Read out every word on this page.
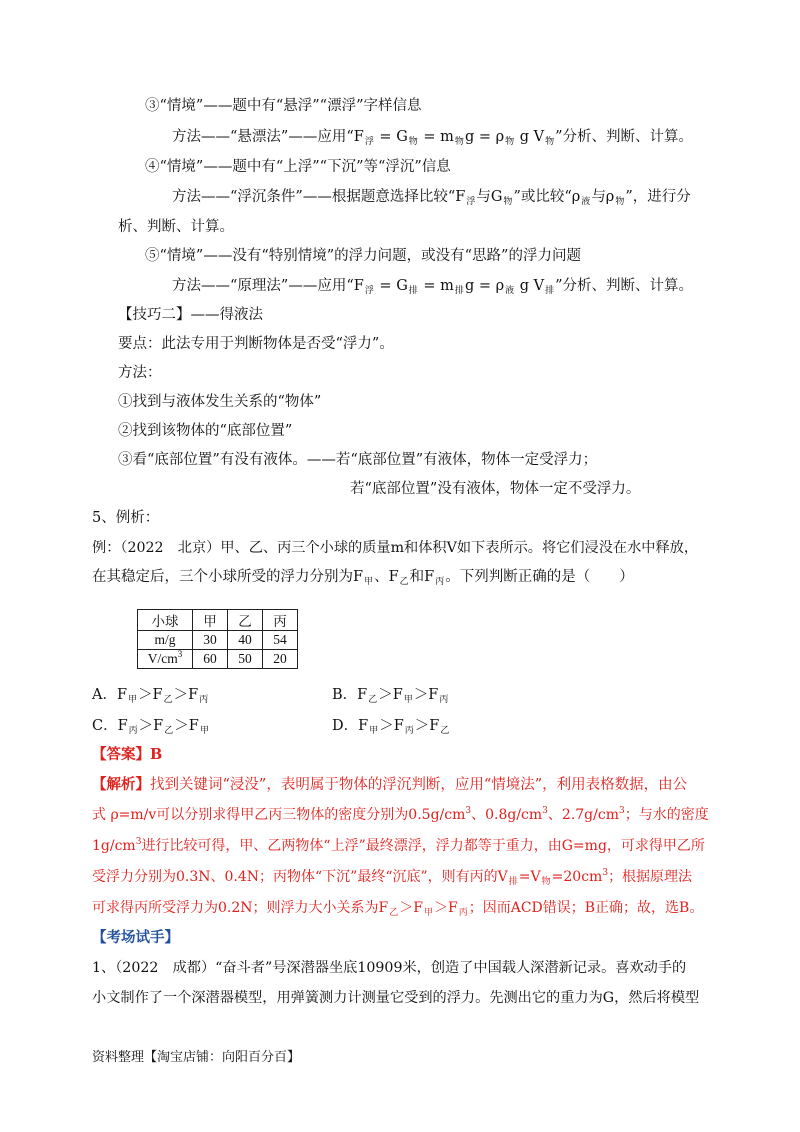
③“情境”——题中有“悬浮”“漂浮”字样信息
方法——“悬漂法”——应用“$F_浮 = G_物 = m_物g = \rho_物$ g $V_物$”分析、判断、计算。
④“情境”——题中有“上浮”“下沉”等“浮沉”信息
方法——“浮沉条件”——根据题意选择比较“$F_浮$与$G_物$”或比较“$\rho_液$与$\rho_物$”，进行分
析、判断、计算。
⑤“情境”——没有“特别情境”的浮力问题，或没有“思路”的浮力问题
方法——“原理法”——应用“$F_浮 = G_排 = m_排g = \rho_液$ g $V_排$”分析、判断、计算。
【技巧二】——得液法
要点：此法专用于判断物体是否受“浮力”。
方法：
①找到与液体发生关系的“物体”
②找到该物体的“底部位置”
③看“底部位置”有没有液体。——若“底部位置”有液体，物体一定受浮力；
若“底部位置”没有液体，物体一定不受浮力。
5、例析：
例：（2022　北京）甲、乙、丙三个小球的质量m和体积V如下表所示。将它们浸没在水中释放，
在其稳定后，三个小球所受的浮力分别为$F_甲$、$F_乙$和$F_丙$。下列判断正确的是（　　）
小球	甲	乙	丙
m/g	30	40	54
$V/cm^3$	60	50	20
A．$F_甲>F_乙>F_丙$	B．$F_乙>F_甲>F_丙$
C．$F_丙>F_乙>F_甲$	D．$F_甲>F_丙>F_乙$
【答案】B
【解析】找到关键词“浸没”，表明属于物体的浮沉判断，应用“情境法”，利用表格数据，由公
式 ρ=m/v可以分别求得甲乙丙三物体的密度分别为$0.5g/cm^3$、$0.8g/cm^3$、$2.7g/cm^3$；与水的密度
$1g/cm^3$进行比较可得，甲、乙两物体“上浮”最终漂浮，浮力都等于重力，由G=mg，可求得甲乙所
受浮力分别为0.3N、0.4N；丙物体“下沉”最终“沉底”，则有丙的$V_排=V_物=20cm^3$；根据原理法
可求得丙所受浮力为0.2N；则浮力大小关系为$F_乙>F_甲>F_丙$；因而ACD错误；B正确；故，选B。
【考场试手】
1、（2022　成都）“奋斗者”号深潜器坐底10909米，创造了中国载人深潜新记录。喜欢动手的
小文制作了一个深潜器模型，用弹簧测力计测量它受到的浮力。先测出它的重力为G，然后将模型
资料整理【淘宝店铺：向阳百分百】
